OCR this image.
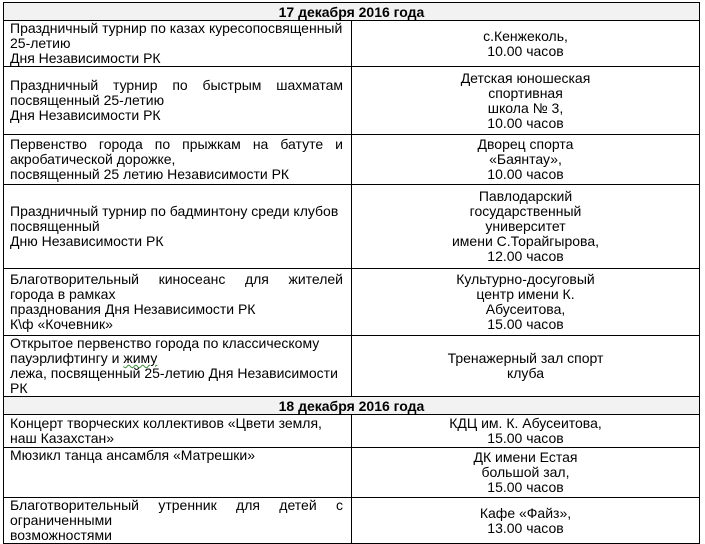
17 декабря 2016 года	

Праздничный турнир по казах куресопосвященный 25-летию
Дня Независимости РК	с.Кенжеколь,
10.00 часов

Праздничный турнир по быстрым шахматам посвященный 25-летию
Дня Независимости РК	Детская юношеская
спортивная
школа № 3,
10.00 часов

Первенство города по прыжкам на батуте и акробатической дорожке,
посвященный 25 летию Независимости РК	Дворец спорта
«Баянтау»,
10.00 часов

Праздничный турнир по бадминтону среди клубов посвященный
Дню Независимости РК	Павлодарский
государственный
университет
имени С.Торайгырова,
12.00 часов

Благотворительный киносеанс для жителей города в рамках
празднования Дня Независимости РК
К\ф «Кочевник»	Культурно-досуговый
центр имени К.
Абусеитова,
15.00 часов

Открытое первенство города по классическому пауэрлифтингу и жиму
лежа, посвященный 25-летию Дня Независимости РК	Тренажерный зал спорт
клуба

18 декабря 2016 года	

Концерт творческих коллективов «Цвети земля, наш Казахстан»	КДЦ им. К. Абусеитова,
15.00 часов

Мюзикл танца ансамбля «Матрешки»	ДК имени Естая
большой зал,
15.00 часов

Благотворительный утренник для детей с ограниченными
возможностями	Кафе «Файз»,
13.00 часов
